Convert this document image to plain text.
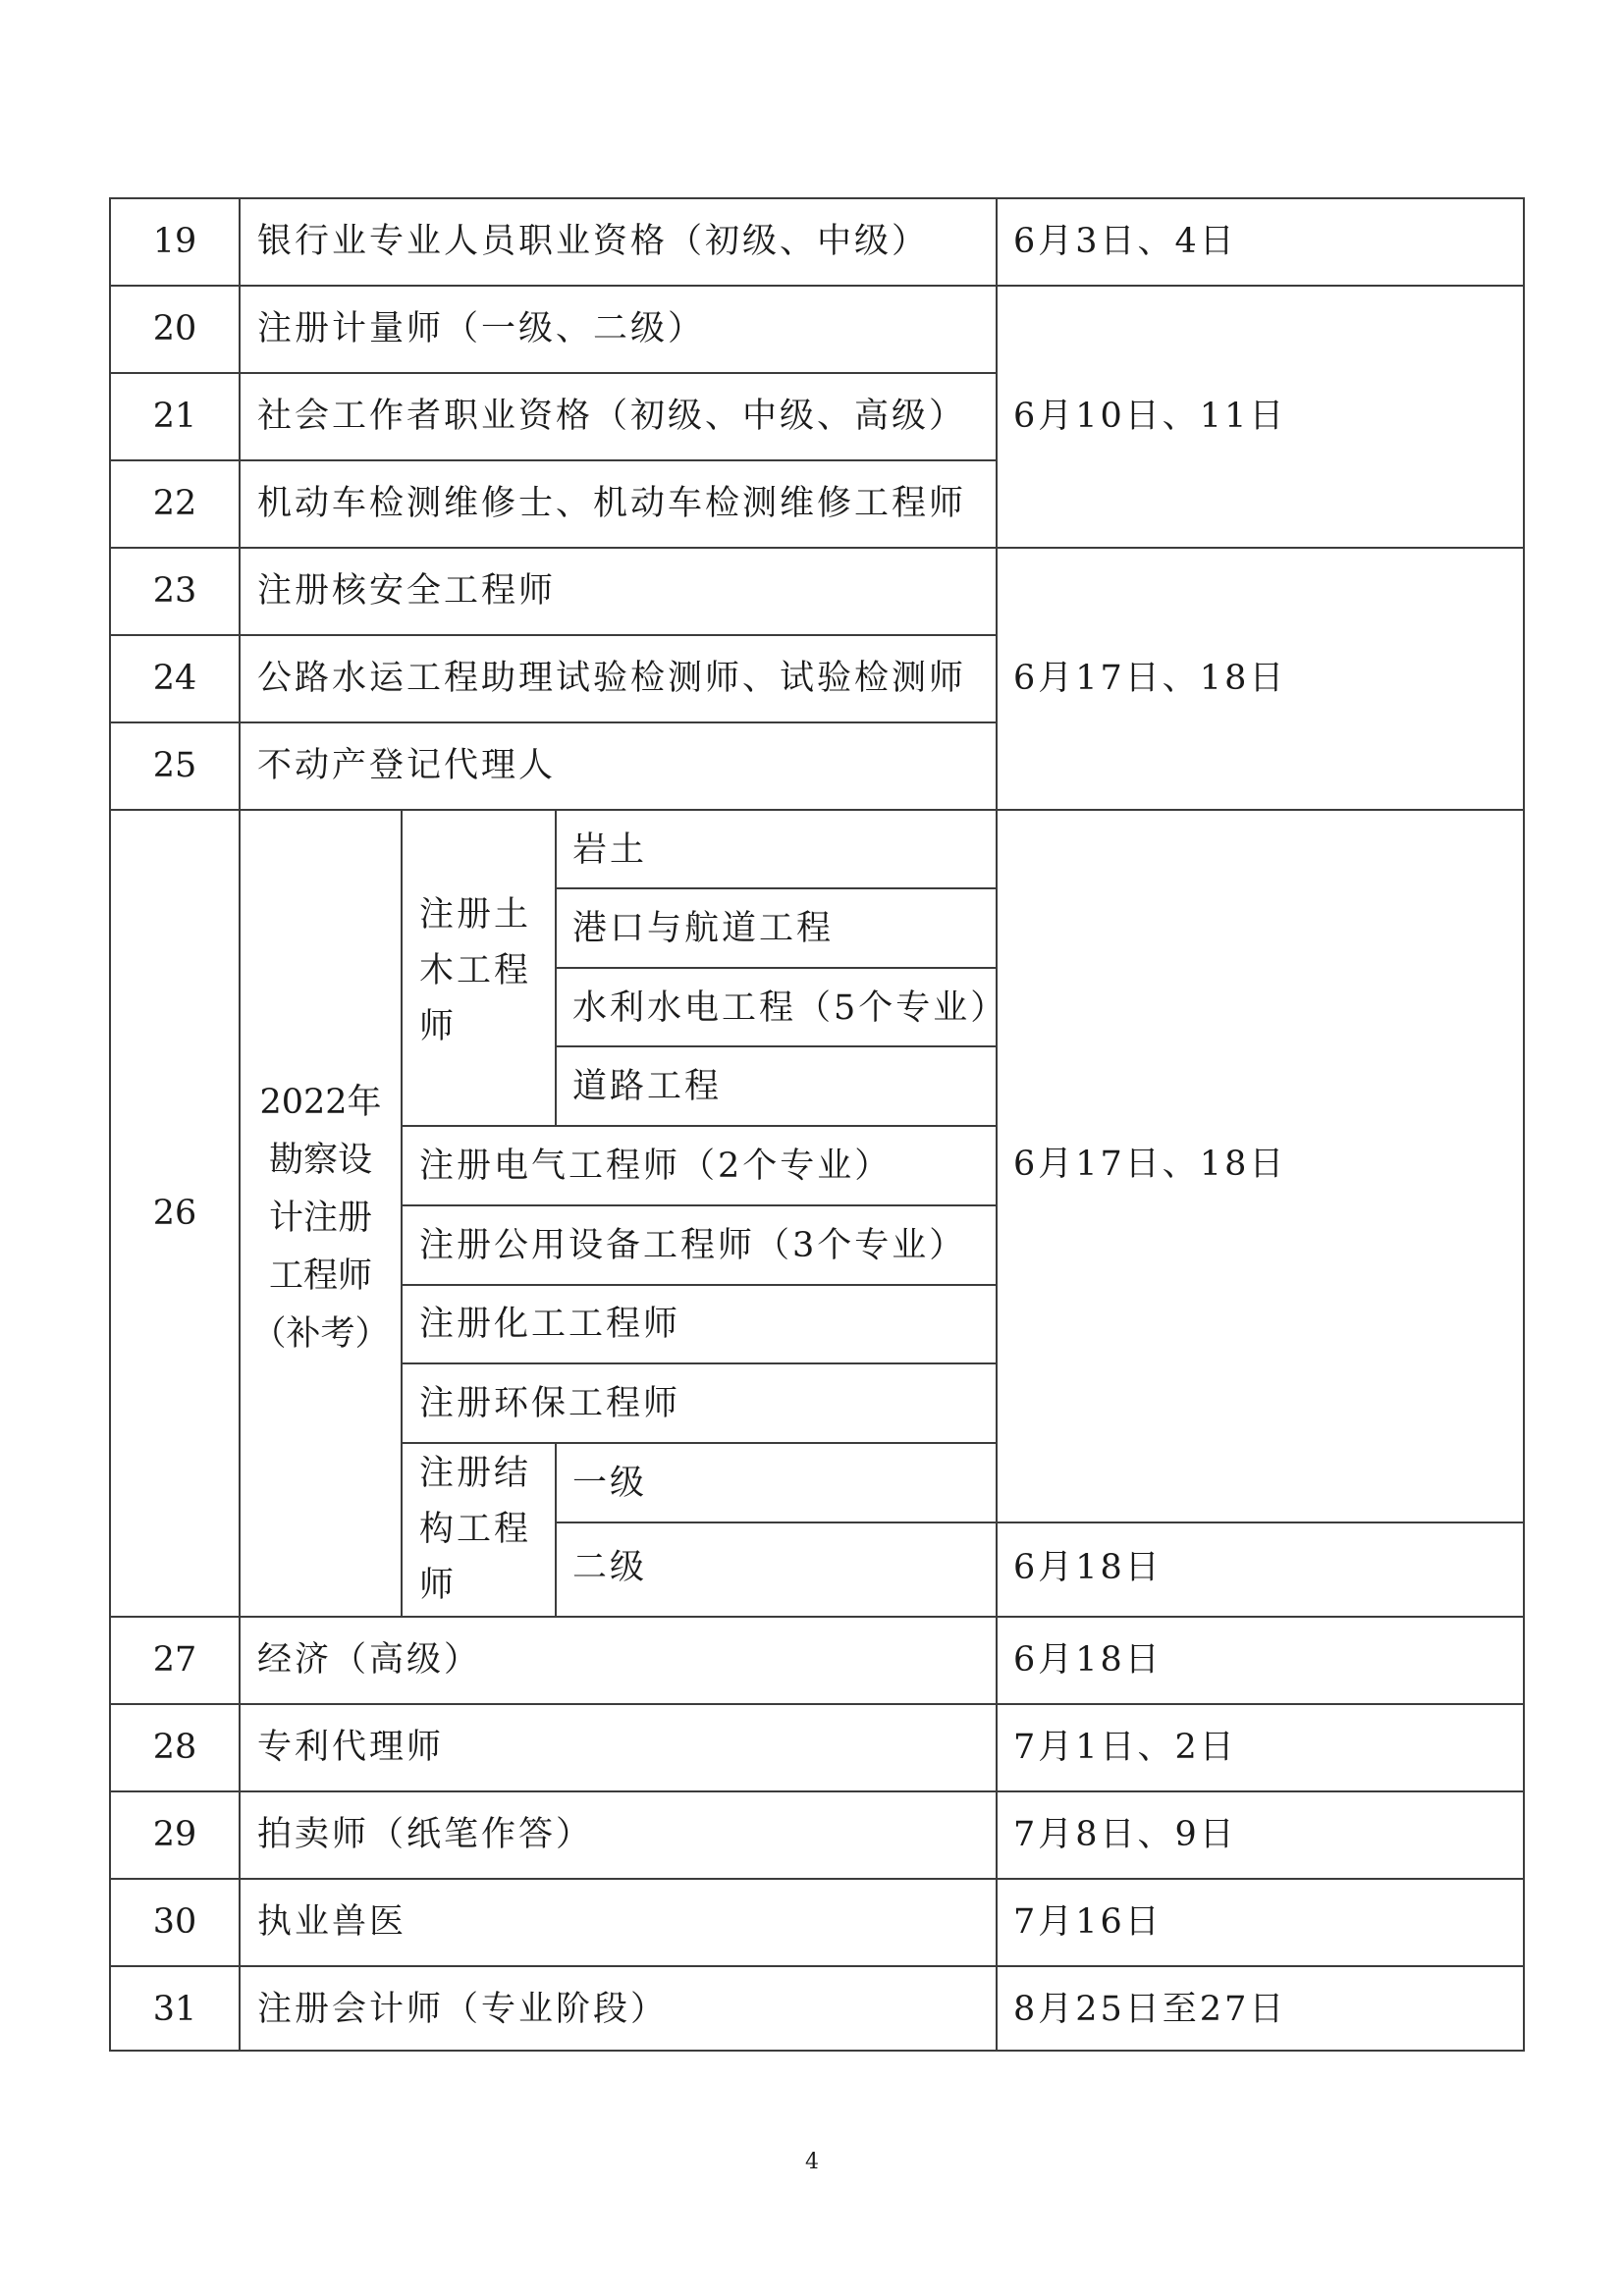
19
20
21
22
23
24
25
26
27
28
29
30
31
银行业专业人员职业资格（初级、中级）
注册计量师（一级、二级）
社会工作者职业资格（初级、中级、高级）
机动车检测维修士、机动车检测维修工程师
注册核安全工程师
公路水运工程助理试验检测师、试验检测师
不动产登记代理人
经济（高级）
专利代理师
拍卖师（纸笔作答）
执业兽医
注册会计师（专业阶段）
6月3日、4日
6月10日、11日
6月17日、18日
6月17日、18日
6月18日
6月18日
7月1日、2日
7月8日、9日
7月16日
8月25日至27日
2022年
勘察设
计注册
工程师
（补考）
注册土
木工程
师
岩土
港口与航道工程
水利水电工程（5个专业）
道路工程
注册电气工程师（2个专业）
注册公用设备工程师（3个专业）
注册化工工程师
注册环保工程师
注册结
构工程
师
一级
二级
4
